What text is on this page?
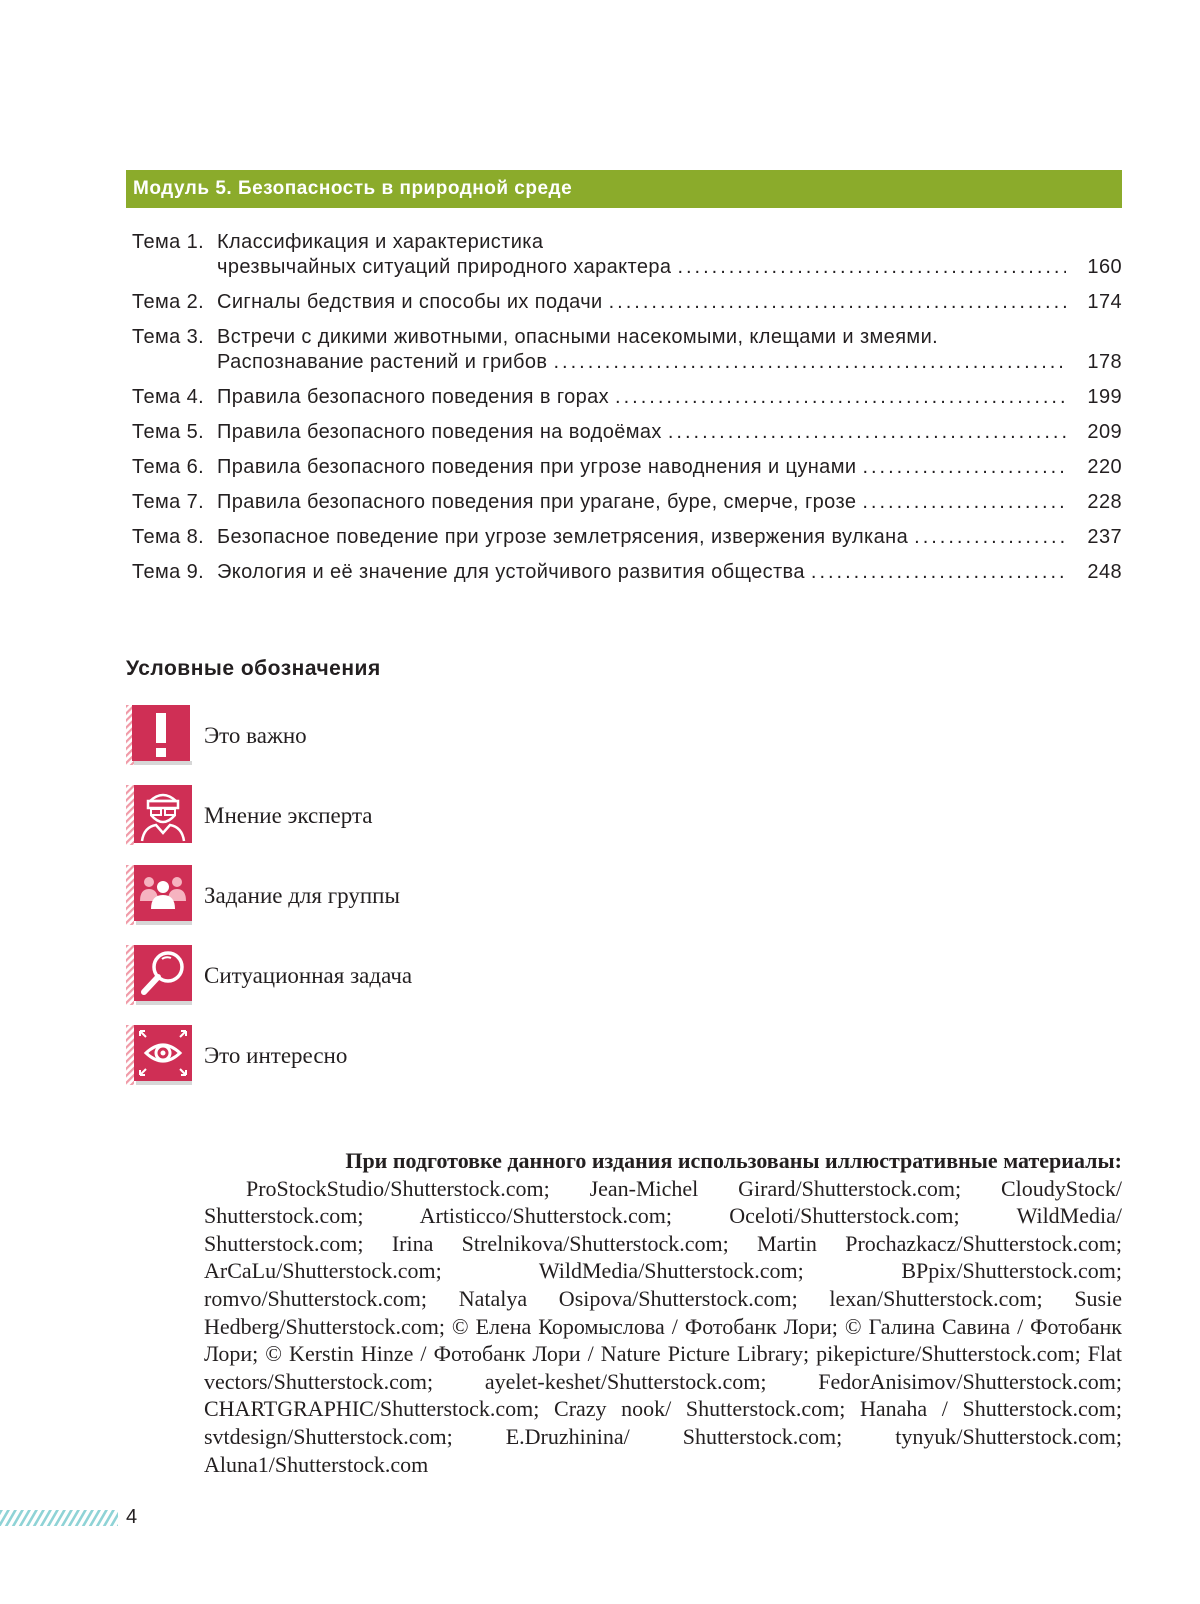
Модуль 5. Безопасность в природной среде
Тема 1. Классификация и характеристика
чрезвычайных ситуаций природного характера .....	160
Тема 2. Сигналы бедствия и способы их подачи .....	174
Тема 3. Встречи с дикими животными, опасными насекомыми, клещами и змеями.
Распознавание растений и грибов .....	178
Тема 4. Правила безопасного поведения в горах .....	199
Тема 5. Правила безопасного поведения на водоёмах .....	209
Тема 6. Правила безопасного поведения при угрозе наводнения и цунами .....	220
Тема 7. Правила безопасного поведения при урагане, буре, смерче, грозе .....	228
Тема 8. Безопасное поведение при угрозе землетрясения, извержения вулкана .....	237
Тема 9. Экология и её значение для устойчивого развития общества .....	248
Условные обозначения
Это важно
Мнение эксперта
Задание для группы
Ситуационная задача
Это интересно
При подготовке данного издания использованы иллюстративные материалы:
ProStockStudio/Shutterstock.com; Jean-Michel Girard/Shutterstock.com; CloudyStock/ Shutterstock.com; Artisticco/Shutterstock.com; Oceloti/Shutterstock.com; WildMedia/ Shutterstock.com; Irina Strelnikova/Shutterstock.com; Martin Prochazkacz/Shutterstock.com; ArCaLu/Shutterstock.com; WildMedia/Shutterstock.com; BPpix/Shutterstock.com; romvo/Shutterstock.com; Natalya Osipova/Shutterstock.com; lexan/Shutterstock.com; Susie Hedberg/Shutterstock.com; © Елена Коромыслова / Фотобанк Лори; © Галина Савина / Фотобанк Лори; © Kerstin Hinze / Фотобанк Лори / Nature Picture Library; pikepicture/Shutterstock.com; Flat vectors/Shutterstock.com; ayelet-keshet/Shutterstock.com; FedorAnisimov/Shutterstock.com; CHARTGRAPHIC/Shutterstock.com; Crazy nook/ Shutterstock.com; Hanaha / Shutterstock.com; svtdesign/Shutterstock.com; E.Druzhinina/ Shutterstock.com; tynyuk/Shutterstock.com; Aluna1/Shutterstock.com
4
